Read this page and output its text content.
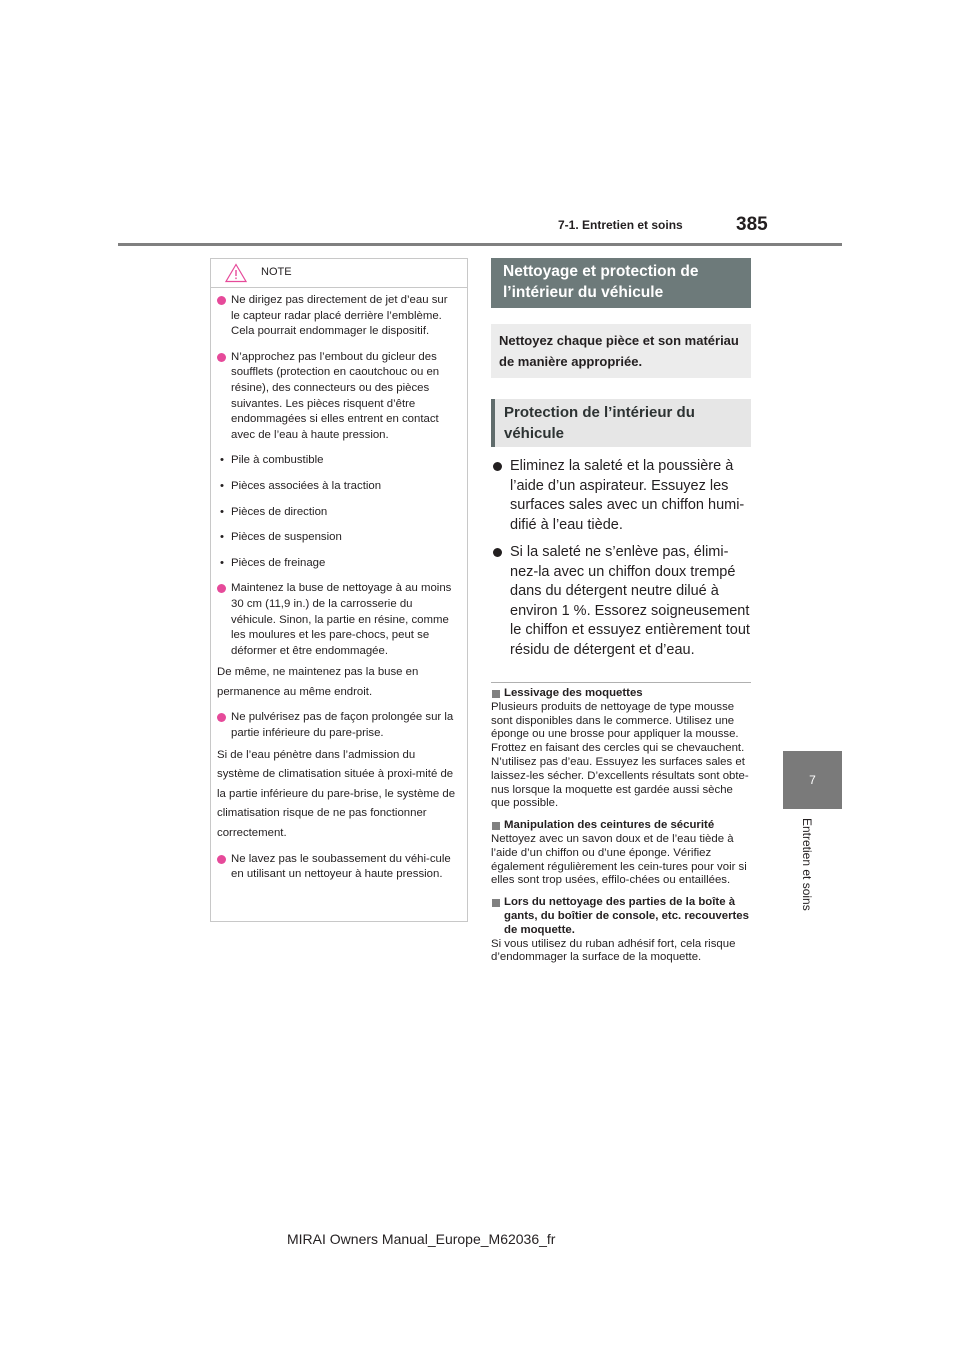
7-1. Entretien et soins	385
7
Entretien et soins
NOTE
Ne dirigez pas directement de jet d’eau sur le capteur radar placé derrière l’emblème. Cela pourrait endommager le dispositif.
N’approchez pas l’embout du gicleur des soufflets (protection en caoutchouc ou en résine), des connecteurs ou des pièces suivantes. Les pièces risquent d’être endommagées si elles entrent en contact avec de l’eau à haute pression.
• Pile à combustible
• Pièces associées à la traction
• Pièces de direction
• Pièces de suspension
• Pièces de freinage
Maintenez la buse de nettoyage à au moins 30 cm (11,9 in.) de la carrosserie du véhicule. Sinon, la partie en résine, comme les moulures et les pare-chocs, peut se déformer et être endommagée.
De même, ne maintenez pas la buse en permanence au même endroit.
Ne pulvérisez pas de façon prolongée sur la partie inférieure du pare-prise.
Si de l’eau pénètre dans l’admission du système de climatisation située à proxi-mité de la partie inférieure du pare-brise, le système de climatisation risque de ne pas fonctionner correctement.
Ne lavez pas le soubassement du véhi-cule en utilisant un nettoyeur à haute pression.
Nettoyage et protection de l’intérieur du véhicule
Nettoyez chaque pièce et son matériau de manière appropriée.
Protection de l’intérieur du véhicule
Eliminez la saleté et la poussière à l’aide d’un aspirateur. Essuyez les surfaces sales avec un chiffon humi-difié à l’eau tiède.
Si la saleté ne s’enlève pas, élimi-nez-la avec un chiffon doux trempé dans du détergent neutre dilué à environ 1 %. Essorez soigneusement le chiffon et essuyez entièrement tout résidu de détergent et d’eau.
Lessivage des moquettes
Plusieurs produits de nettoyage de type mousse sont disponibles dans le commerce. Utilisez une éponge ou une brosse pour appliquer la mousse. Frottez en faisant des cercles qui se chevauchent. N’utilisez pas d’eau. Essuyez les surfaces sales et laissez-les sécher. D’excellents résultats sont obte-nus lorsque la moquette est gardée aussi sèche que possible.
Manipulation des ceintures de sécurité
Nettoyez avec un savon doux et de l’eau tiède à l’aide d’un chiffon ou d’une éponge. Vérifiez également régulièrement les cein-tures pour voir si elles sont trop usées, effilo-chées ou entaillées.
Lors du nettoyage des parties de la boîte à gants, du boîtier de console, etc. recouvertes de moquette.
Si vous utilisez du ruban adhésif fort, cela risque d’endommager la surface de la moquette.
MIRAI Owners Manual_Europe_M62036_fr
